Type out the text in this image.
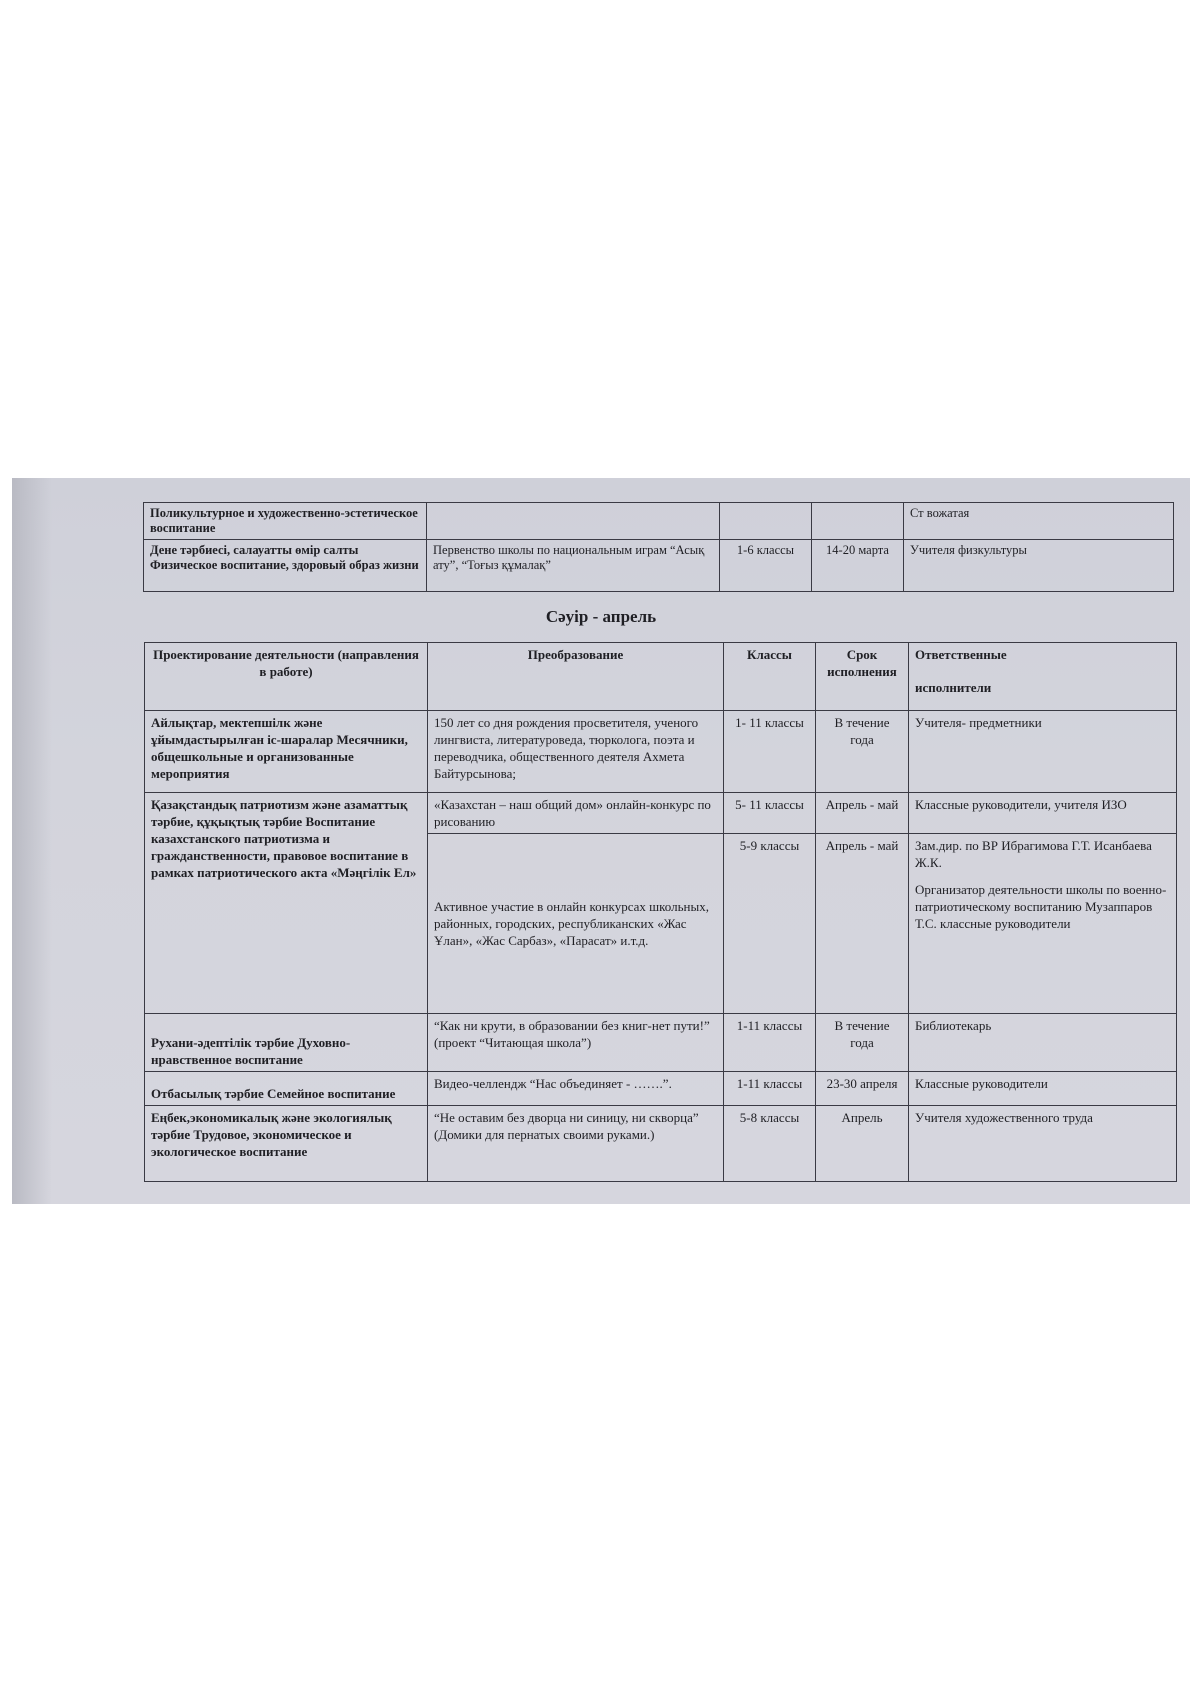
Поликультурное и художественно-эстетическое воспитание				Ст вожатая
Дене тәрбиесі, салауатты өмір салты Физическое воспитание, здоровый образ жизни	Первенство школы по национальным играм “Асық ату”, “Тоғыз құмалақ”	1-6 классы	14-20 марта	Учителя физкультуры
Сәуір - апрель
Проектирование деятельности (направления в работе)	Преобразование	Классы	Срок исполнения	Ответственные
исполнители
Айлықтар, мектепшілк және ұйымдастырылған іс-шаралар Месячники, общешкольные и организованные мероприятия	150 лет со дня рождения просветителя, ученого лингвиста, литературоведа, тюрколога, поэта и переводчика, общественного деятеля Ахмета Байтурсынова;	1- 11 классы	В течение года	Учителя- предметники
Қазақстандық патриотизм және азаматтық тәрбие, құқықтық тәрбие Воспитание казахстанского патриотизма и гражданственности, правовое воспитание в рамках патриотического акта «Мәңгілік Ел»	«Казахстан – наш общий дом» онлайн-конкурс по рисованию	5- 11 классы	Апрель - май	Классные руководители, учителя ИЗО
	Активное участие в онлайн конкурсах школьных, районных, городских, республиканских «Жас Ұлан», «Жас Сарбаз», «Парасат» и.т.д.	5-9 классы	Апрель - май	Зам.дир. по ВР Ибрагимова Г.Т. Исанбаева Ж.К.
Организатор деятельности школы по военно-патриотическому воспитанию Музаппаров Т.С. классные руководители

Рухани-әдептілік тәрбие Духовно- нравственное воспитание	“Как ни крути, в образовании без книг-нет пути!” (проект “Читающая школа”)	1-11 классы	В течение года	Библиотекарь
Отбасылық тәрбие Семейное воспитание	Видео-челлендж “Нас объединяет - …….”.	1-11 классы	23-30 апреля	Классные руководители
Еңбек,экономикалық және экологиялық тәрбие Трудовое, экономическое и экологическое воспитание	“Не оставим без дворца ни синицу, ни скворца” (Домики для пернатых своими руками.)	5-8 классы	Апрель	Учителя художественного труда
